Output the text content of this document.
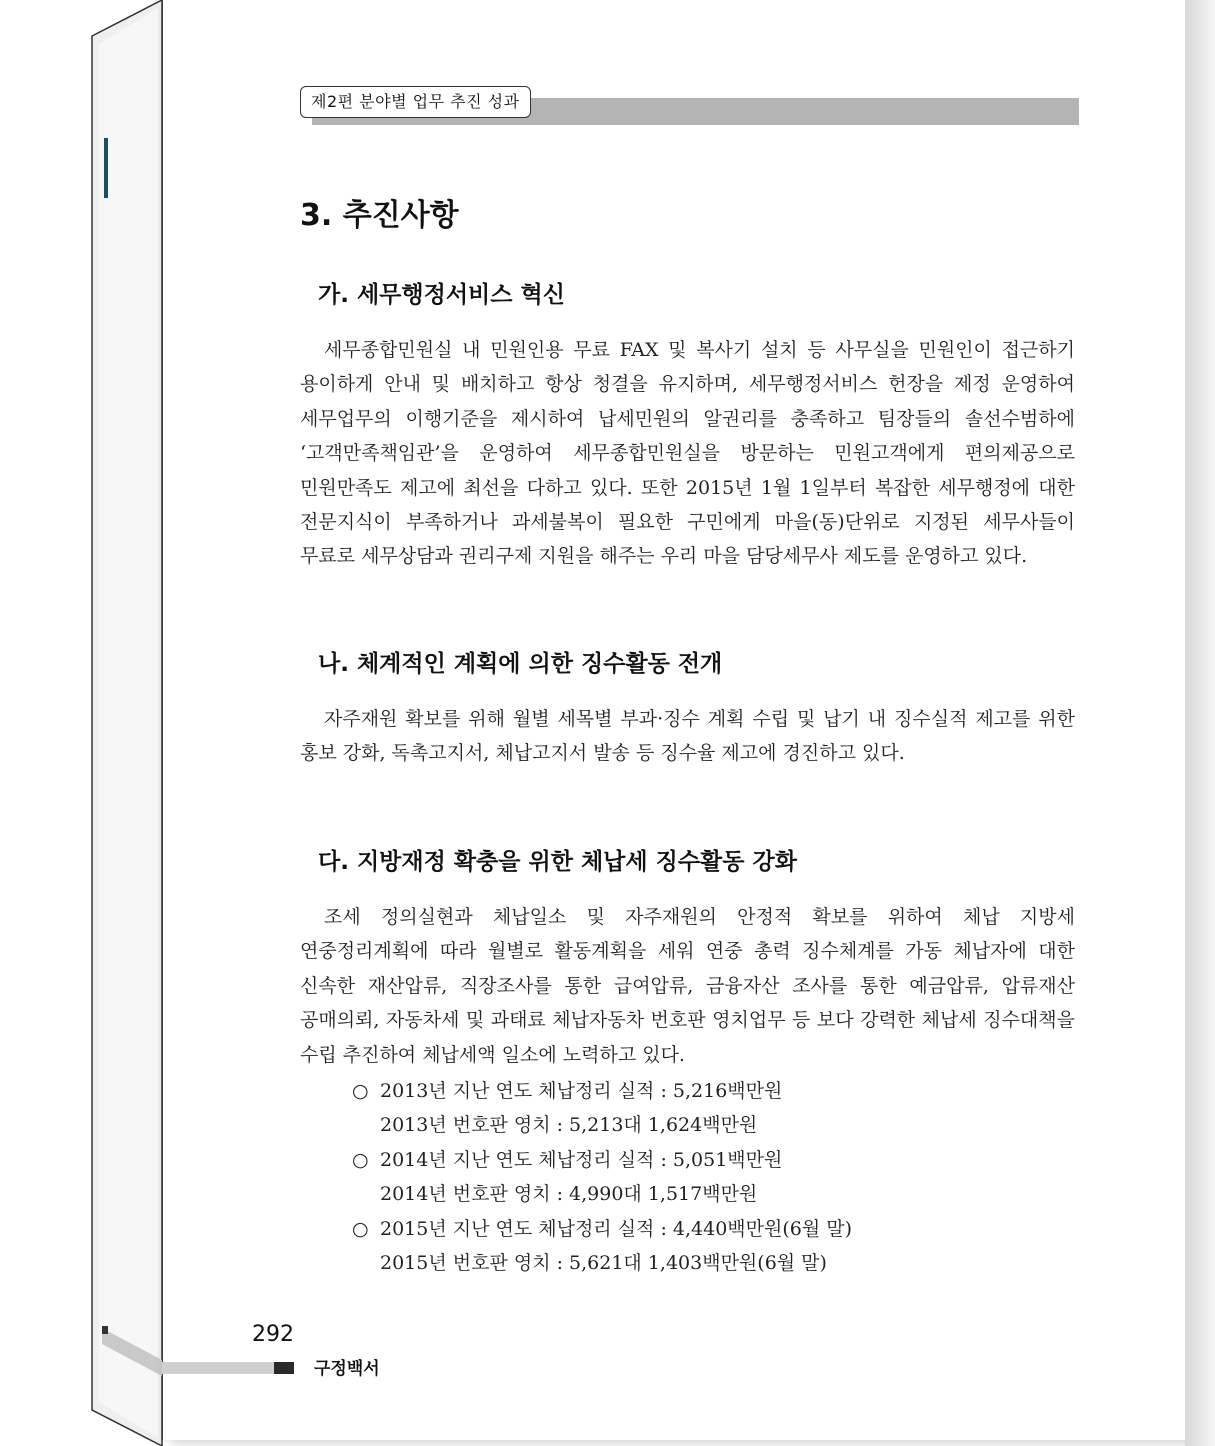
제2편 분야별 업무 추진 성과
3. 추진사항
가. 세무행정서비스 혁신
세무종합민원실 내 민원인용 무료 FAX 및 복사기 설치 등 사무실을 민원인이 접근하기 용이하게 안내 및 배치하고 항상 청결을 유지하며, 세무행정서비스 헌장을 제정 운영하여 세무업무의 이행기준을 제시하여 납세민원의 알권리를 충족하고 팀장들의 솔선수범하에 ‘고객만족책임관’을 운영하여 세무종합민원실을 방문하는 민원고객에게 편의제공으로 민원만족도 제고에 최선을 다하고 있다. 또한 2015년 1월 1일부터 복잡한 세무행정에 대한 전문지식이 부족하거나 과세불복이 필요한 구민에게 마을(동)단위로 지정된 세무사들이 무료로 세무상담과 권리구제 지원을 해주는 우리 마을 담당세무사 제도를 운영하고 있다.
나. 체계적인 계획에 의한 징수활동 전개
자주재원 확보를 위해 월별 세목별 부과·징수 계획 수립 및 납기 내 징수실적 제고를 위한 홍보 강화, 독촉고지서, 체납고지서 발송 등 징수율 제고에 경진하고 있다.
다. 지방재정 확충을 위한 체납세 징수활동 강화
조세 정의실현과 체납일소 및 자주재원의 안정적 확보를 위하여 체납 지방세 연중정리계획에 따라 월별로 활동계획을 세워 연중 총력 징수체계를 가동 체납자에 대한 신속한 재산압류, 직장조사를 통한 급여압류, 금융자산 조사를 통한 예금압류, 압류재산 공매의뢰, 자동차세 및 과태료 체납자동차 번호판 영치업무 등 보다 강력한 체납세 징수대책을 수립 추진하여 체납세액 일소에 노력하고 있다.
○ 2013년 지난 연도 체납정리 실적 : 5,216백만원
2013년 번호판 영치 : 5,213대 1,624백만원
○ 2014년 지난 연도 체납정리 실적 : 5,051백만원
2014년 번호판 영치 : 4,990대 1,517백만원
○ 2015년 지난 연도 체납정리 실적 : 4,440백만원(6월 말)
2015년 번호판 영치 : 5,621대 1,403백만원(6월 말)
292
구정백서
